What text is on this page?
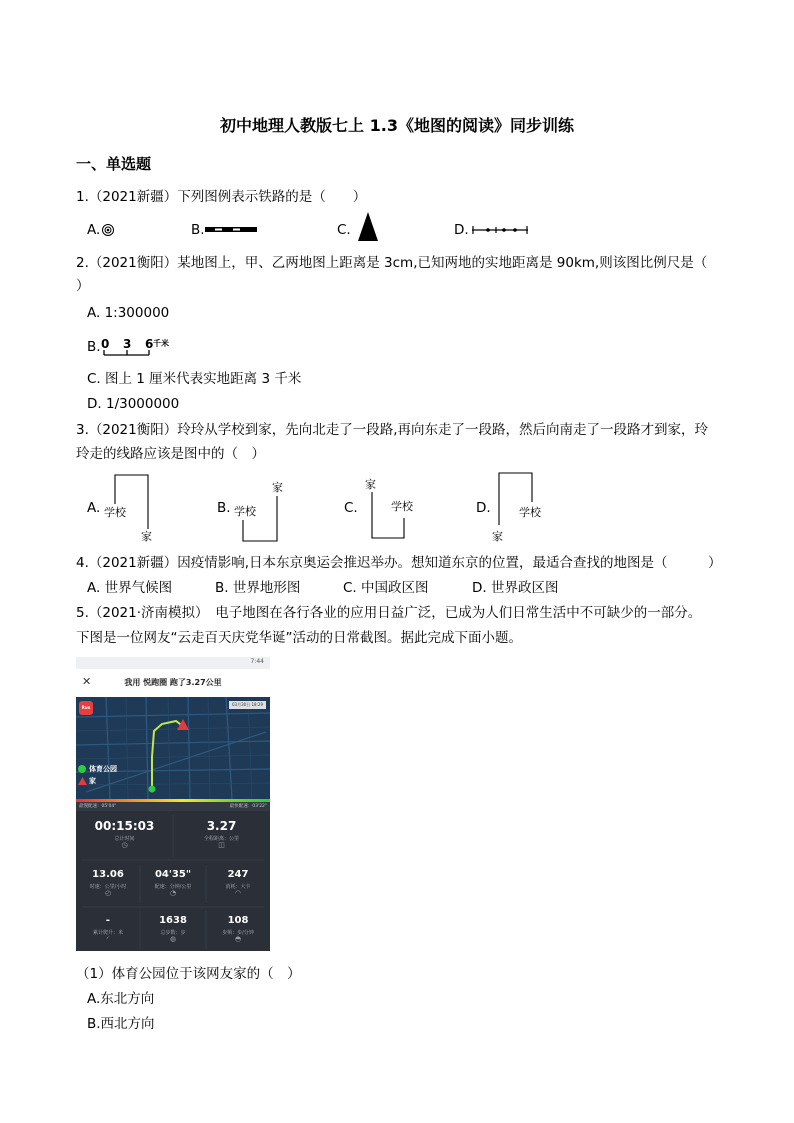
初中地理人教版七上 1.3《地图的阅读》同步训练
一、单选题
1.（2021新疆）下列图例表示铁路的是（　　）
A.	B.	C.	D.
2.（2021衡阳）某地图上，甲、乙两地图上距离是 3cm,已知两地的实地距离是 90km,则该图比例尺是（
）
A. 1:300000
B. 0 3 6 千米
C. 图上 1 厘米代表实地距离 3 千米
D. 1/3000000
3.（2021衡阳）玲玲从学校到家，先向北走了一段路,再向东走了一段路，然后向南走了一段路才到家，玲
玲走的线路应该是图中的（　）
A. 学校
家
B. 学校
家
C.
家
学校	D.
家
学校
4.（2021新疆）因疫情影响,日本东京奥运会推迟举办。想知道东京的位置，最适合查找的地图是（　　　）
A. 世界气候图	B. 世界地形图	C. 中国政区图	D. 世界政区图
5.（2021·济南模拟）　电子地图在各行各业的应用日益广泛，已成为人们日常生活中不可缺少的一部分。
下图是一位网友“云走百天庆党华诞”活动的日常截图。据此完成下面小题。
7:44
✕	我用 悦跑圈 跑了3.27公里
Run
03月30日 18:29
体育公园
家
最慢配速：05'04"	最快配速：03'22"
00:15:03
总计时间
◷
3.27
全程距离：公里
◫
13.06
时速：公里/小时
◴
04'35"
配速：分钟/公里
◔
247
消耗：大卡
◠
-
累计爬升：米
◜
1638
总步数：步
◍
108
步频：步/分钟
◓
（1）体育公园位于该网友家的（　）
A.东北方向
B.西北方向
